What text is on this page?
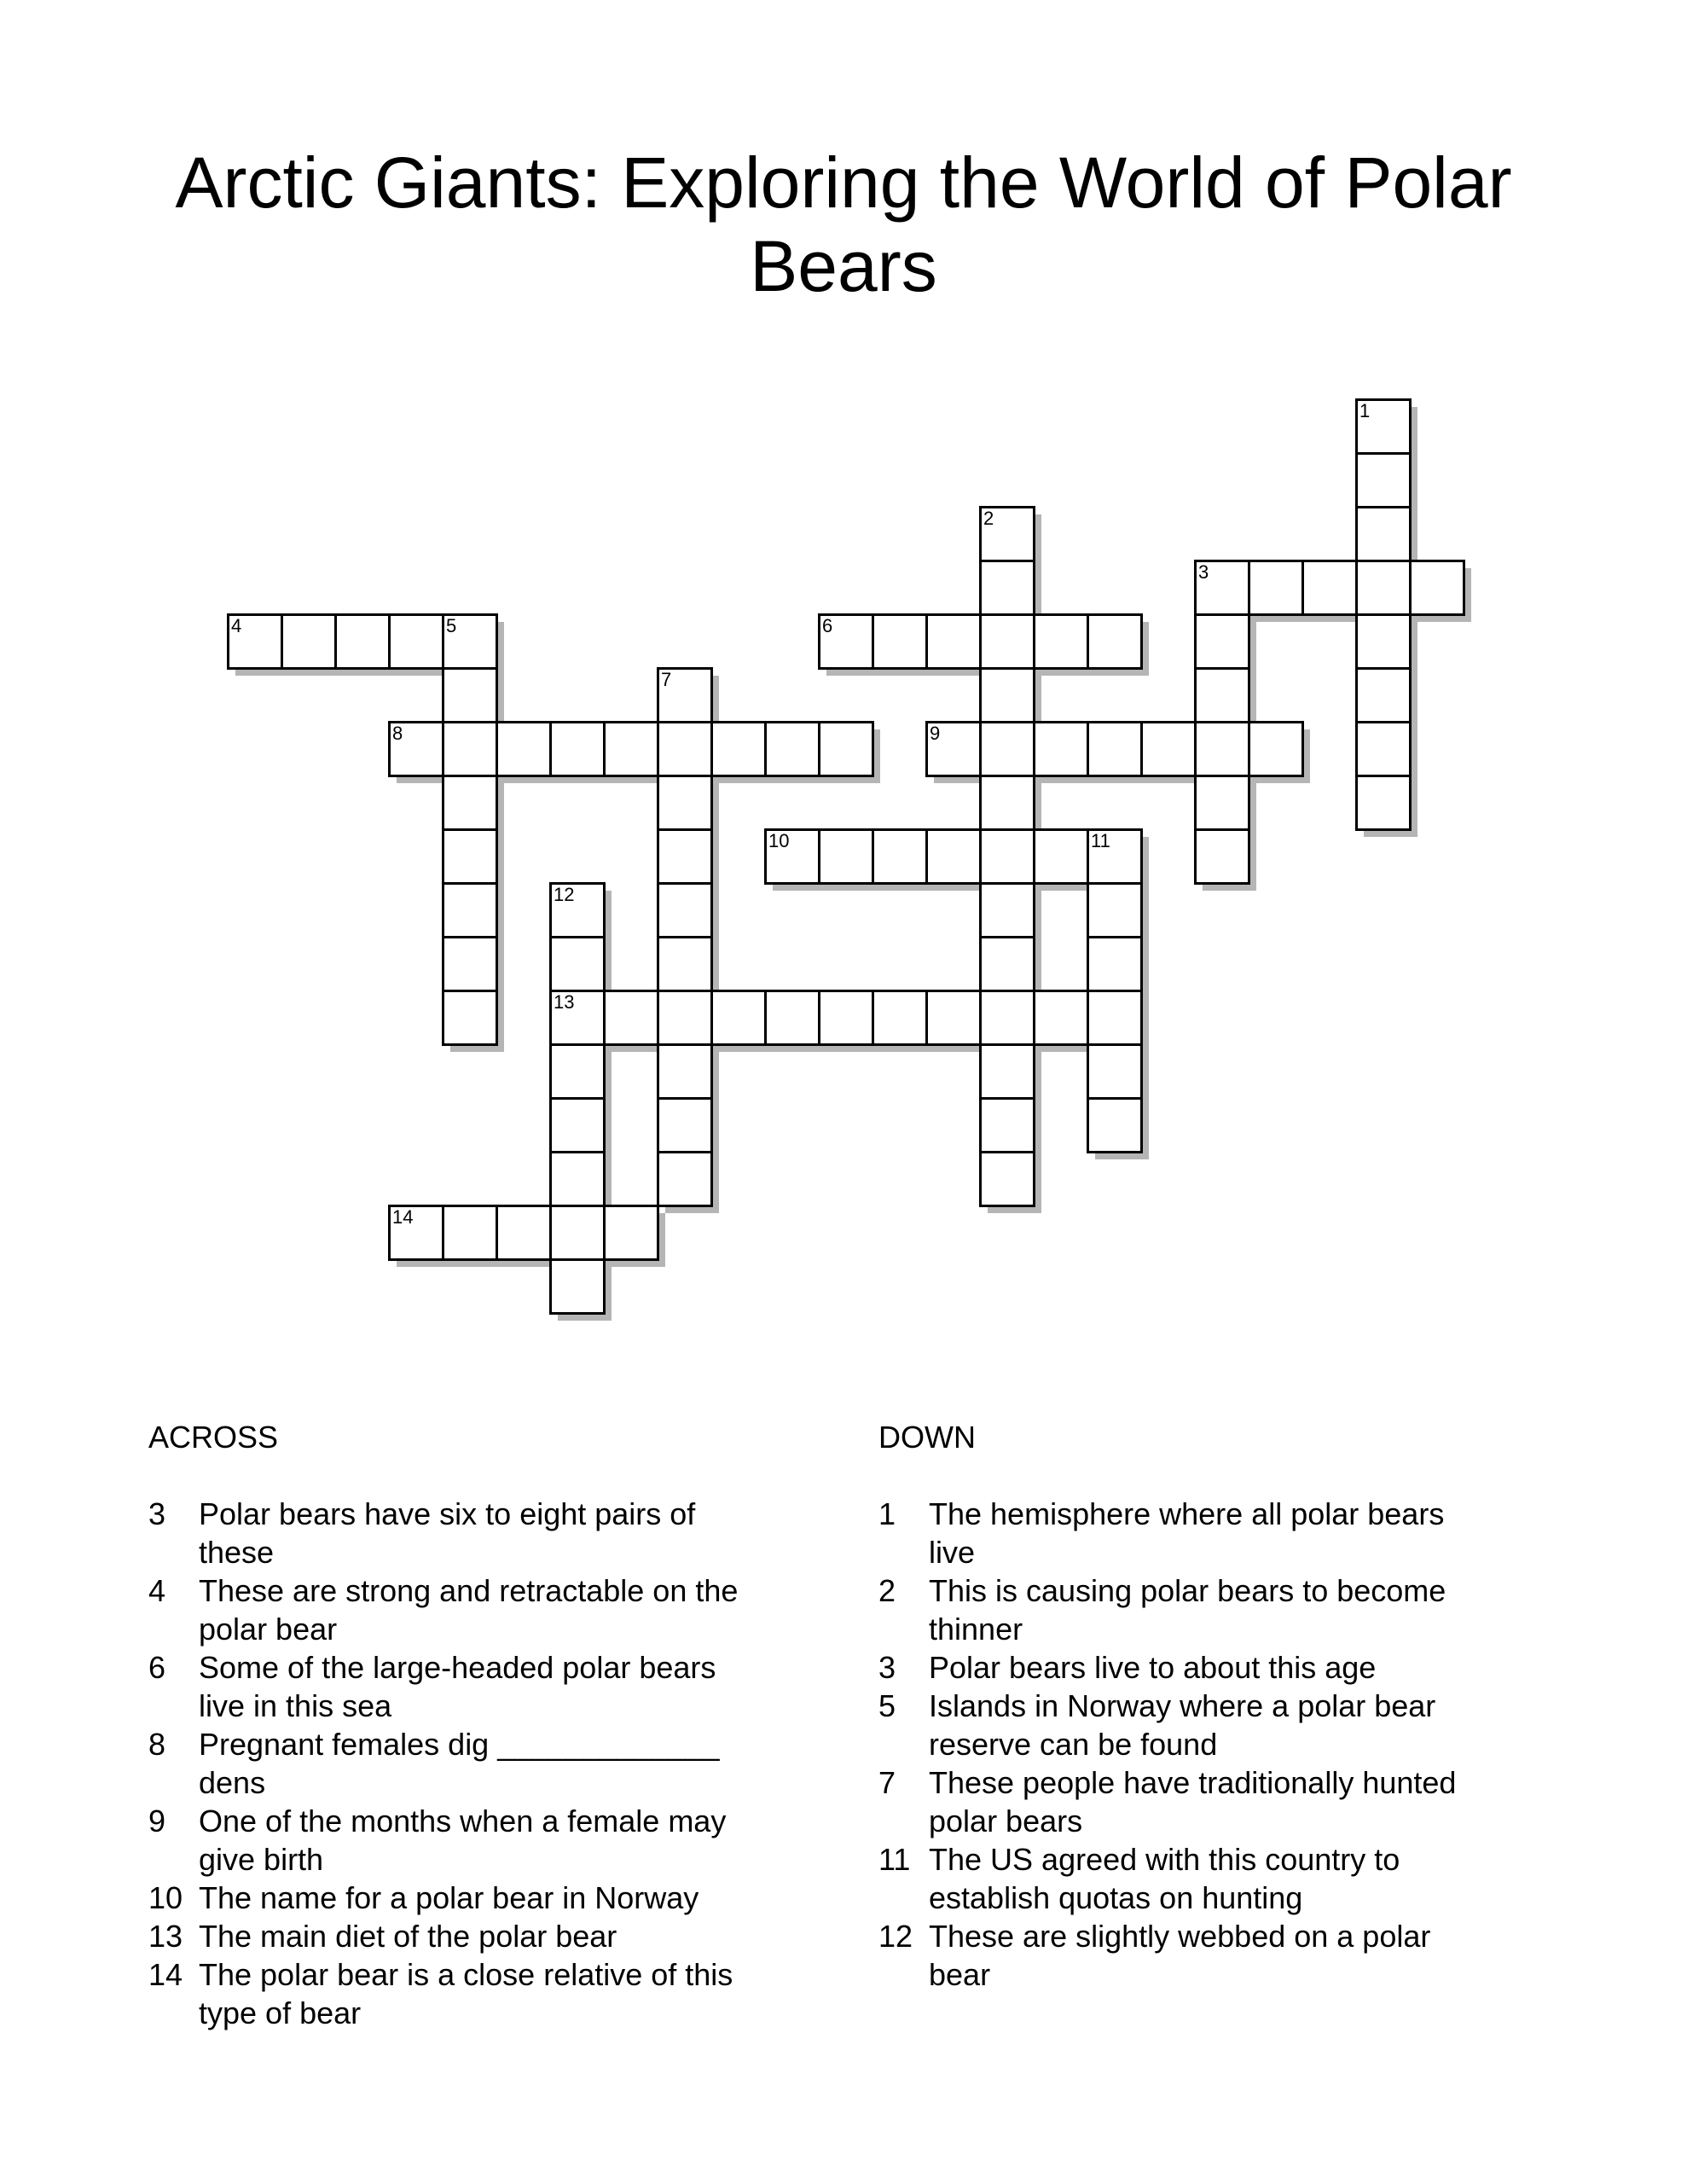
Arctic Giants: Exploring the World of Polar Bears
1
2
3
4	5	6
7
8	9
10	11
12
13
14
ACROSS
3	Polar bears have six to eight pairs of these
4	These are strong and retractable on the polar bear
6	Some of the large-headed polar bears live in this sea
8	Pregnant females dig _____________ dens
9	One of the months when a female may give birth
10 The name for a polar bear in Norway
13 The main diet of the polar bear
14 The polar bear is a close relative of this type of bear
DOWN
1	The hemisphere where all polar bears live
2	This is causing polar bears to become thinner
3	Polar bears live to about this age
5	Islands in Norway where a polar bear reserve can be found
7	These people have traditionally hunted polar bears
11 The US agreed with this country to establish quotas on hunting
12 These are slightly webbed on a polar bear
